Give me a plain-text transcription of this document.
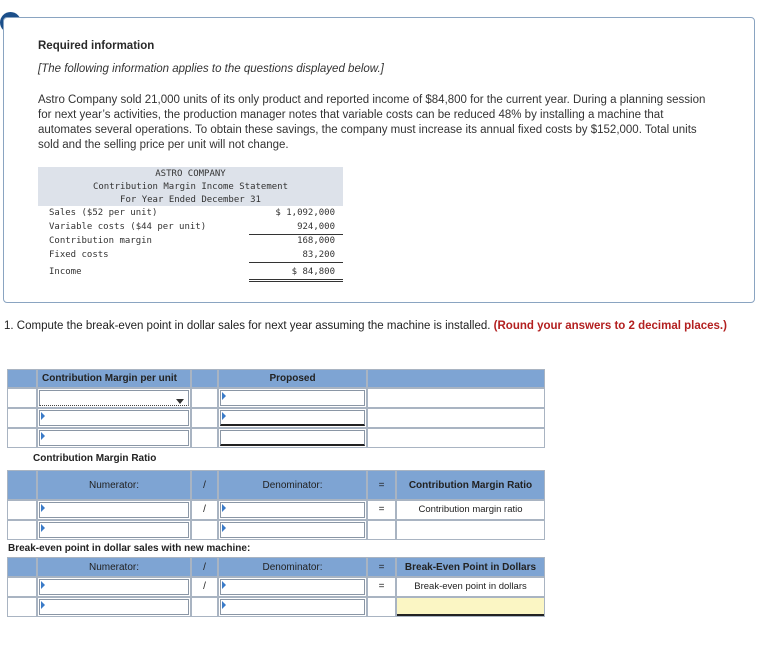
Required information
[The following information applies to the questions displayed below.]
Astro Company sold 21,000 units of its only product and reported income of $84,800 for the current year. During a planning session for next year’s activities, the production manager notes that variable costs can be reduced 48% by installing a machine that automates several operations. To obtain these savings, the company must increase its annual fixed costs by $152,000. Total units sold and the selling price per unit will not change.
ASTRO COMPANY
Contribution Margin Income Statement
For Year Ended December 31
Sales ($52 per unit)	$ 1,092,000
Variable costs ($44 per unit)	924,000
Contribution margin	168,000
Fixed costs	83,200
Income	$ 84,800
1. Compute the break-even point in dollar sales for next year assuming the machine is installed. (Round your answers to 2 decimal places.)
Contribution Margin per unit	Proposed
Contribution Margin Ratio
Numerator:	/	Denominator:	=	Contribution Margin Ratio
/	=	Contribution margin ratio
Break-even point in dollar sales with new machine:
Numerator:	/	Denominator:	=	Break-Even Point in Dollars
/	=	Break-even point in dollars
